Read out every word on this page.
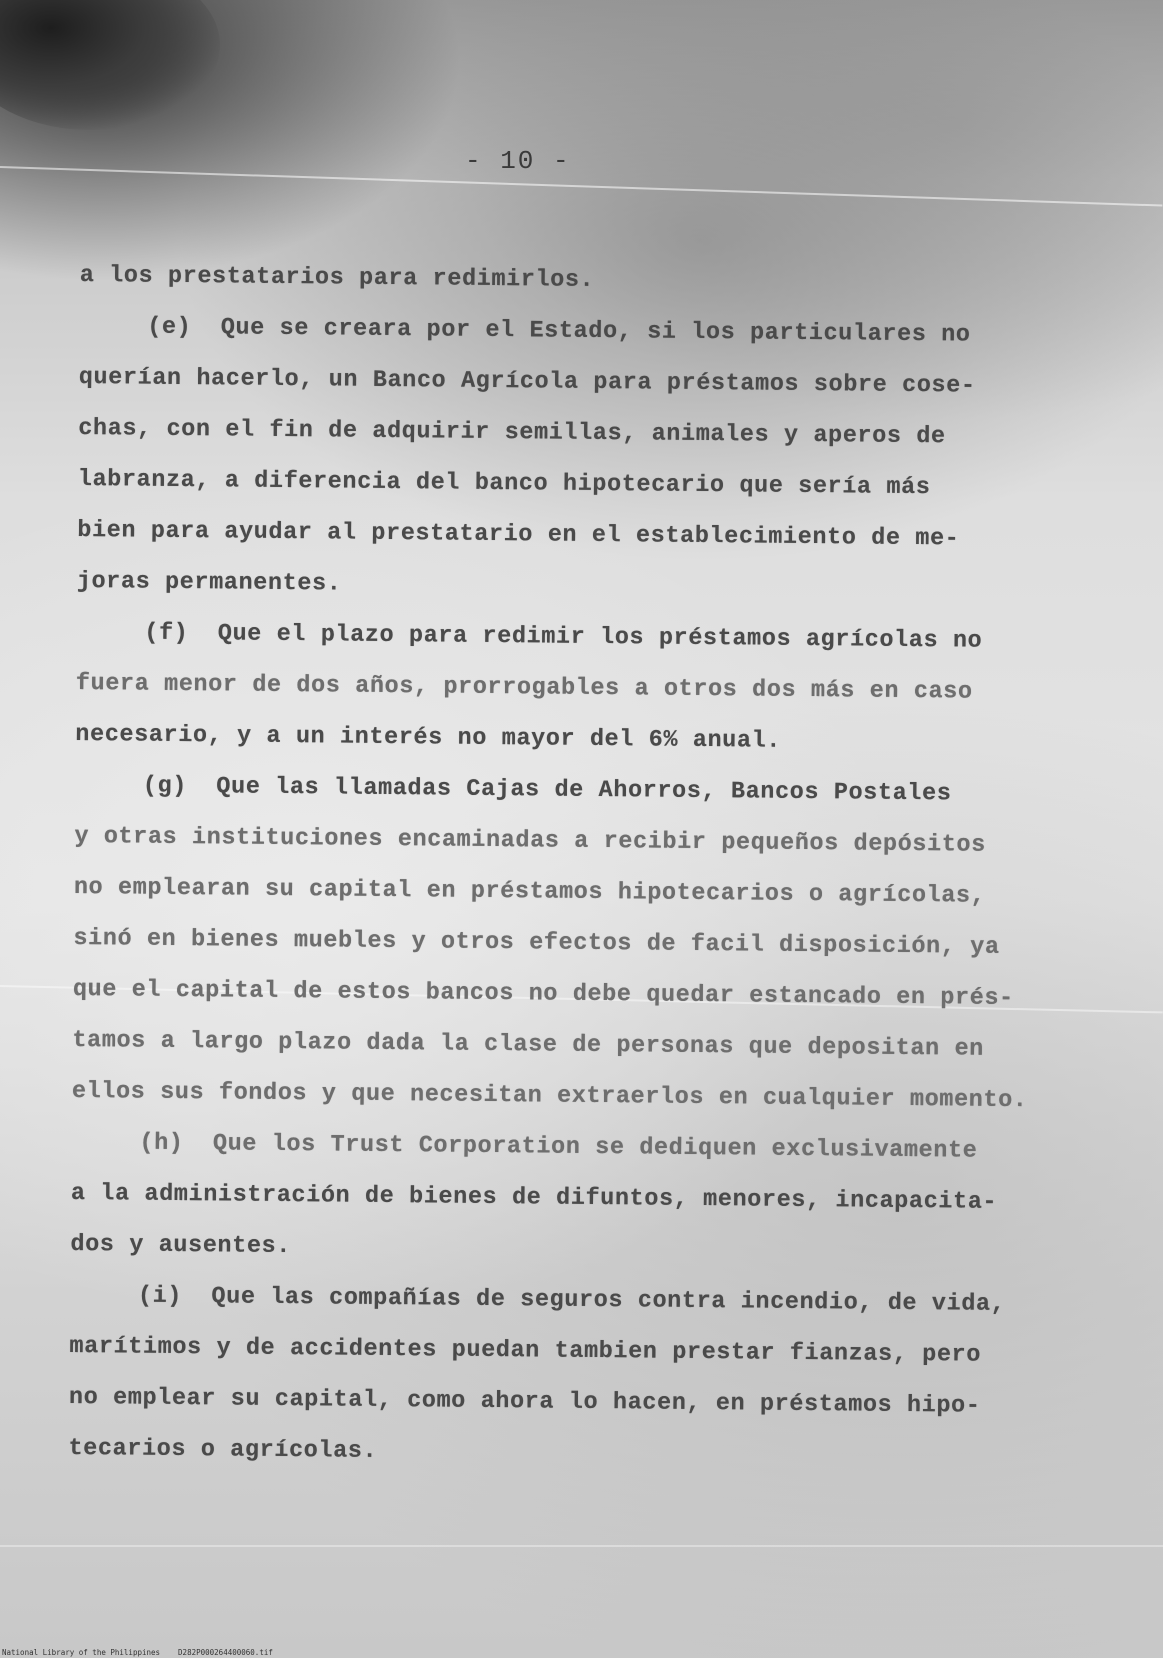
- 10 -
a los prestatarios para redimirlos.
(e)  Que se creara por el Estado, si los particulares no
querían hacerlo, un Banco Agrícola para préstamos sobre cose-
chas, con el fin de adquirir semillas, animales y aperos de
labranza, a diferencia del banco hipotecario que sería más
bien para ayudar al prestatario en el establecimiento de me-
joras permanentes.
(f)  Que el plazo para redimir los préstamos agrícolas no
fuera menor de dos años, prorrogables a otros dos más en caso
necesario, y a un interés no mayor del 6% anual.
(g)  Que las llamadas Cajas de Ahorros, Bancos Postales
y otras instituciones encaminadas a recibir pequeños depósitos
no emplearan su capital en préstamos hipotecarios o agrícolas,
sinó en bienes muebles y otros efectos de facil disposición, ya
que el capital de estos bancos no debe quedar estancado en prés-
tamos a largo plazo dada la clase de personas que depositan en
ellos sus fondos y que necesitan extraerlos en cualquier momento.
(h)  Que los Trust Corporation se dediquen exclusivamente
a la administración de bienes de difuntos, menores, incapacita-
dos y ausentes.
(i)  Que las compañías de seguros contra incendio, de vida,
marítimos y de accidentes puedan tambien prestar fianzas, pero
no emplear su capital, como ahora lo hacen, en préstamos hipo-
tecarios o agrícolas.
National Library of the Philippines D282P000264400060.tif
